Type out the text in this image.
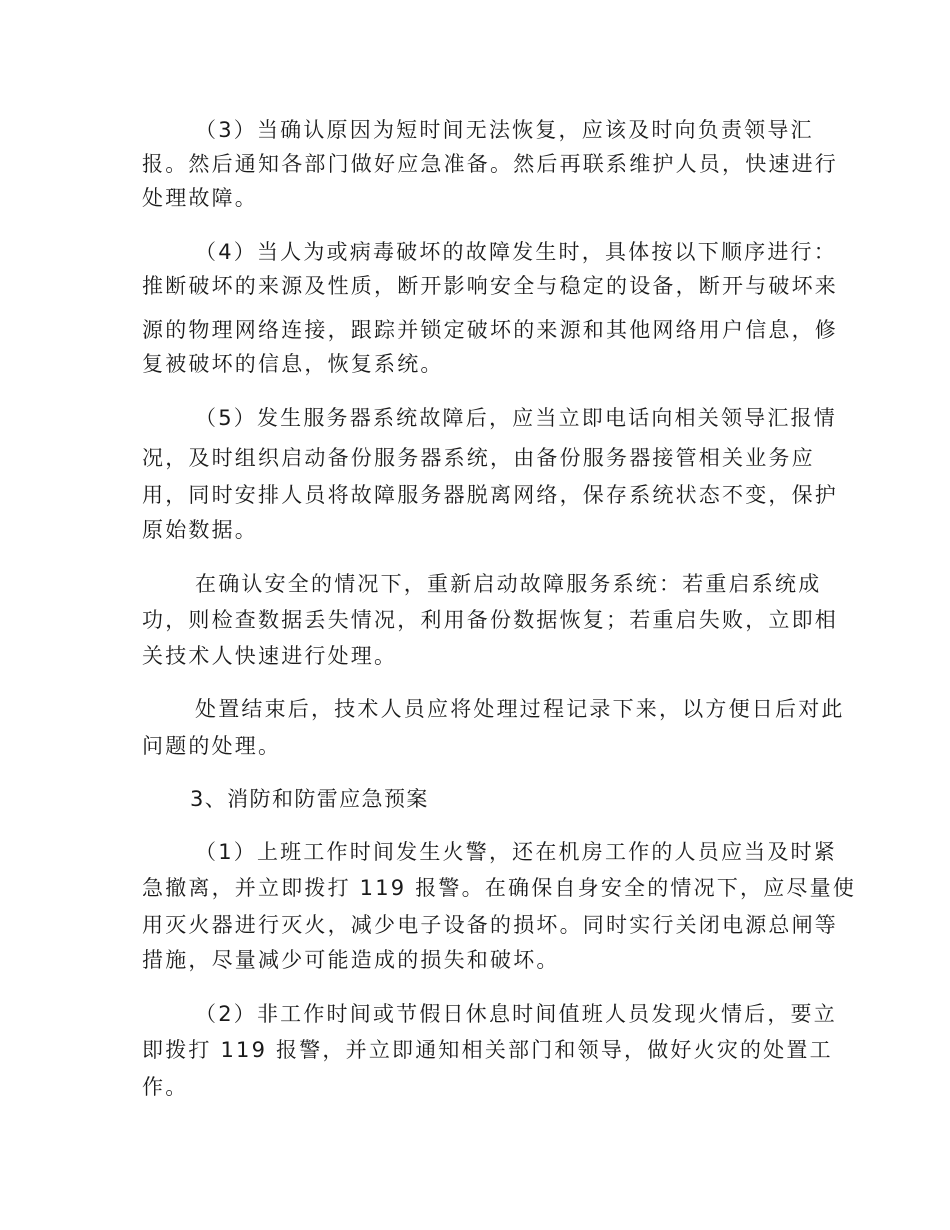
（3）当确认原因为短时间无法恢复，应该及时向负责领导汇

报。然后通知各部门做好应急准备。然后再联系维护人员，快速进行

处理故障。

（4）当人为或病毒破坏的故障发生时，具体按以下顺序进行：

推断破坏的来源及性质，断开影响安全与稳定的设备，断开与破坏来

源的物理网络连接，跟踪并锁定破坏的来源和其他网络用户信息，修

复被破坏的信息，恢复系统。

（5）发生服务器系统故障后，应当立即电话向相关领导汇报情

况，及时组织启动备份服务器系统，由备份服务器接管相关业务应

用，同时安排人员将故障服务器脱离网络，保存系统状态不变，保护

原始数据。

在确认安全的情况下，重新启动故障服务系统：若重启系统成

功，则检查数据丢失情况，利用备份数据恢复；若重启失败，立即相

关技术人快速进行处理。

处置结束后，技术人员应将处理过程记录下来，以方便日后对此

问题的处理。

3、消防和防雷应急预案

（1）上班工作时间发生火警，还在机房工作的人员应当及时紧

急撤离，并立即拨打 119 报警。在确保自身安全的情况下，应尽量使

用灭火器进行灭火，减少电子设备的损坏。同时实行关闭电源总闸等

措施，尽量减少可能造成的损失和破坏。

（2）非工作时间或节假日休息时间值班人员发现火情后，要立

即拨打 119 报警，并立即通知相关部门和领导，做好火灾的处置工

作。
